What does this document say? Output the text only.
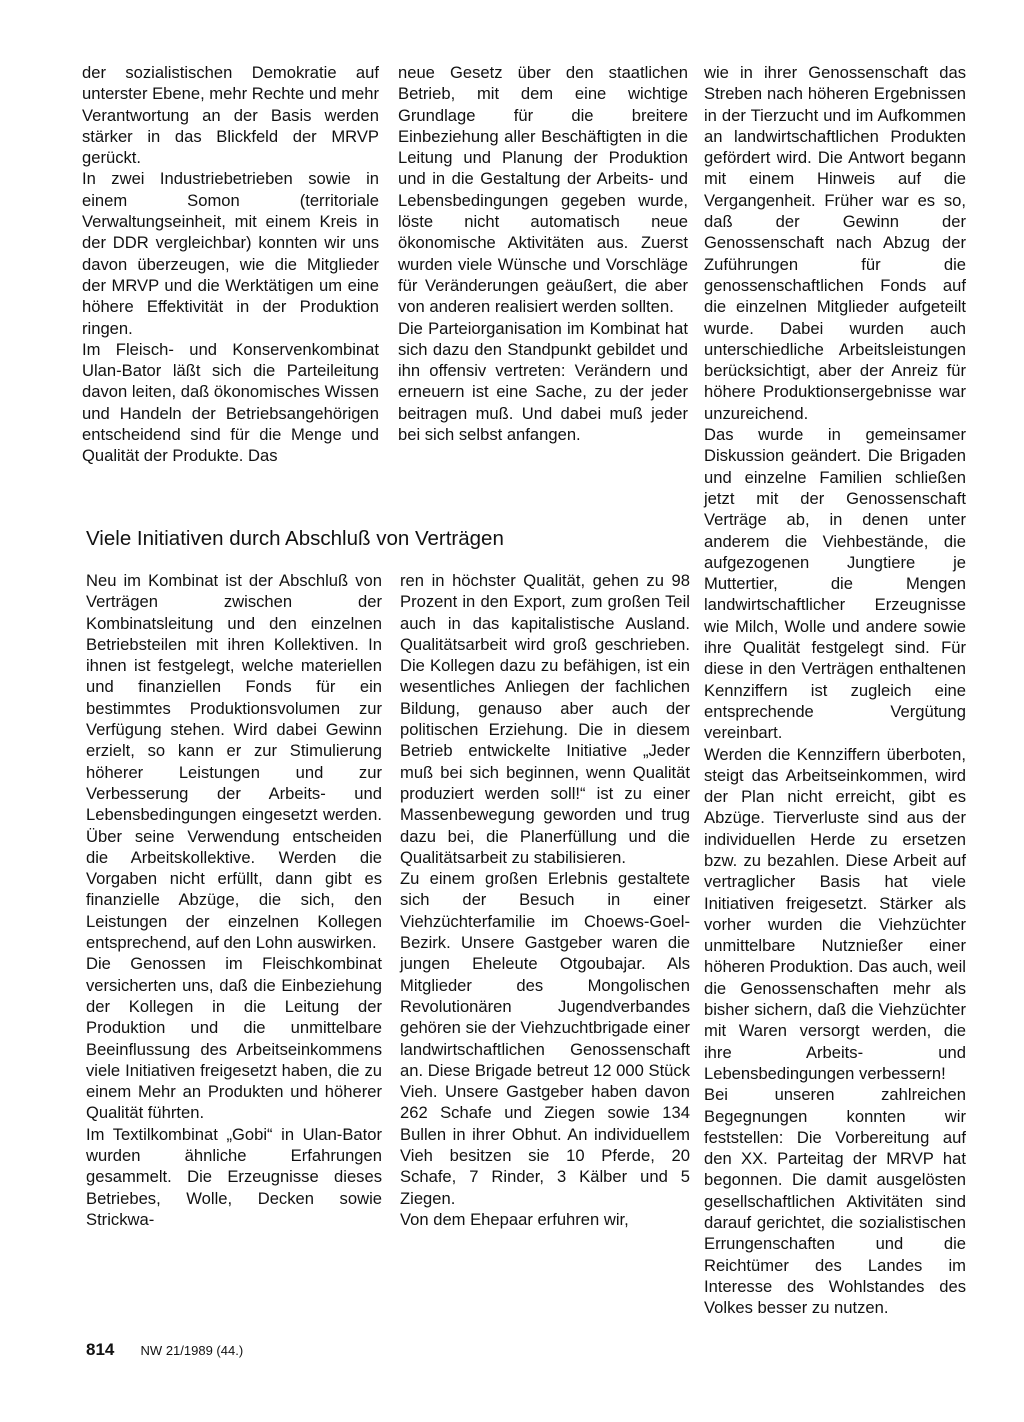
der sozialistischen Demokratie auf unterster Ebene, mehr Rechte und mehr Verantwortung an der Basis werden stärker in das Blickfeld der MRVP gerückt.

In zwei Industriebetrieben sowie in einem Somon (territoriale Verwaltungseinheit, mit einem Kreis in der DDR vergleichbar) konnten wir uns davon überzeugen, wie die Mitglieder der MRVP und die Werktätigen um eine höhere Effektivität in der Produktion ringen.

Im Fleisch- und Konservenkombinat Ulan-Bator läßt sich die Parteileitung davon leiten, daß ökonomisches Wissen und Handeln der Betriebsangehörigen entscheidend sind für die Menge und Qualität der Produkte. Das

neue Gesetz über den staatlichen Betrieb, mit dem eine wichtige Grundlage für die breitere Einbeziehung aller Beschäftigten in die Leitung und Planung der Produktion und in die Gestaltung der Arbeits- und Lebensbedingungen gegeben wurde, löste nicht automatisch neue ökonomische Aktivitäten aus. Zuerst wurden viele Wünsche und Vorschläge für Veränderungen geäußert, die aber von anderen realisiert werden sollten.

Die Parteiorganisation im Kombinat hat sich dazu den Standpunkt gebildet und ihn offensiv vertreten: Verändern und erneuern ist eine Sache, zu der jeder beitragen muß. Und dabei muß jeder bei sich selbst anfangen.

wie in ihrer Genossenschaft das Streben nach höheren Ergebnissen in der Tierzucht und im Aufkommen an landwirtschaftlichen Produkten gefördert wird. Die Antwort begann mit einem Hinweis auf die Vergangenheit. Früher war es so, daß der Gewinn der Genossenschaft nach Abzug der Zuführungen für die genossenschaftlichen Fonds auf die einzelnen Mitglieder aufgeteilt wurde. Dabei wurden auch unterschiedliche Arbeitsleistungen berücksichtigt, aber der Anreiz für höhere Produktionsergebnisse war unzureichend.

Das wurde in gemeinsamer Diskussion geändert. Die Brigaden und einzelne Familien schließen jetzt mit der Genossenschaft Verträge ab, in denen unter anderem die Viehbestände, die aufgezogenen Jungtiere je Muttertier, die Mengen landwirtschaftlicher Erzeugnisse wie Milch, Wolle und andere sowie ihre Qualität festgelegt sind. Für diese in den Verträgen enthaltenen Kennziffern ist zugleich eine entsprechende Vergütung vereinbart.

Werden die Kennziffern überboten, steigt das Arbeitseinkommen, wird der Plan nicht erreicht, gibt es Abzüge. Tierverluste sind aus der individuellen Herde zu ersetzen bzw. zu bezahlen. Diese Arbeit auf vertraglicher Basis hat viele Initiativen freigesetzt. Stärker als vorher wurden die Viehzüchter unmittelbare Nutznießer einer höheren Produktion. Das auch, weil die Genossenschaften mehr als bisher sichern, daß die Viehzüchter mit Waren versorgt werden, die ihre Arbeits- und Lebensbedingungen verbessern!

Bei unseren zahlreichen Begegnungen konnten wir feststellen: Die Vorbereitung auf den XX. Parteitag der MRVP hat begonnen. Die damit ausgelösten gesellschaftlichen Aktivitäten sind darauf gerichtet, die sozialistischen Errungenschaften und die Reichtümer des Landes im Interesse des Wohlstandes des Volkes besser zu nutzen.

Viele Initiativen durch Abschluß von Verträgen

Neu im Kombinat ist der Abschluß von Verträgen zwischen der Kombinatsleitung und den einzelnen Betriebsteilen mit ihren Kollektiven. In ihnen ist festgelegt, welche materiellen und finanziellen Fonds für ein bestimmtes Produktionsvolumen zur Verfügung stehen. Wird dabei Gewinn erzielt, so kann er zur Stimulierung höherer Leistungen und zur Verbesserung der Arbeits- und Lebensbedingungen eingesetzt werden. Über seine Verwendung entscheiden die Arbeitskollektive. Werden die Vorgaben nicht erfüllt, dann gibt es finanzielle Abzüge, die sich, den Leistungen der einzelnen Kollegen entsprechend, auf den Lohn auswirken.

Die Genossen im Fleischkombinat versicherten uns, daß die Einbeziehung der Kollegen in die Leitung der Produktion und die unmittelbare Beeinflussung des Arbeitseinkommens viele Initiativen freigesetzt haben, die zu einem Mehr an Produkten und höherer Qualität führten.

Im Textilkombinat „Gobi“ in Ulan-Bator wurden ähnliche Erfahrungen gesammelt. Die Erzeugnisse dieses Betriebes, Wolle, Decken sowie Strickwa-

ren in höchster Qualität, gehen zu 98 Prozent in den Export, zum großen Teil auch in das kapitalistische Ausland. Qualitätsarbeit wird groß geschrieben. Die Kollegen dazu zu befähigen, ist ein wesentliches Anliegen der fachlichen Bildung, genauso aber auch der politischen Erziehung. Die in diesem Betrieb entwickelte Initiative „Jeder muß bei sich beginnen, wenn Qualität produziert werden soll!“ ist zu einer Massenbewegung geworden und trug dazu bei, die Planerfüllung und die Qualitätsarbeit zu stabilisieren.

Zu einem großen Erlebnis gestaltete sich der Besuch in einer Viehzüchterfamilie im Choews-Goel-Bezirk. Unsere Gastgeber waren die jungen Eheleute Otgoubajar. Als Mitglieder des Mongolischen Revolutionären Jugendverbandes gehören sie der Viehzuchtbrigade einer landwirtschaftlichen Genossenschaft an. Diese Brigade betreut 12 000 Stück Vieh. Unsere Gastgeber haben davon 262 Schafe und Ziegen sowie 134 Bullen in ihrer Obhut. An individuellem Vieh besitzen sie 10 Pferde, 20 Schafe, 7 Rinder, 3 Kälber und 5 Ziegen.

Von dem Ehepaar erfuhren wir,

814 NW 21/1989 (44.)
